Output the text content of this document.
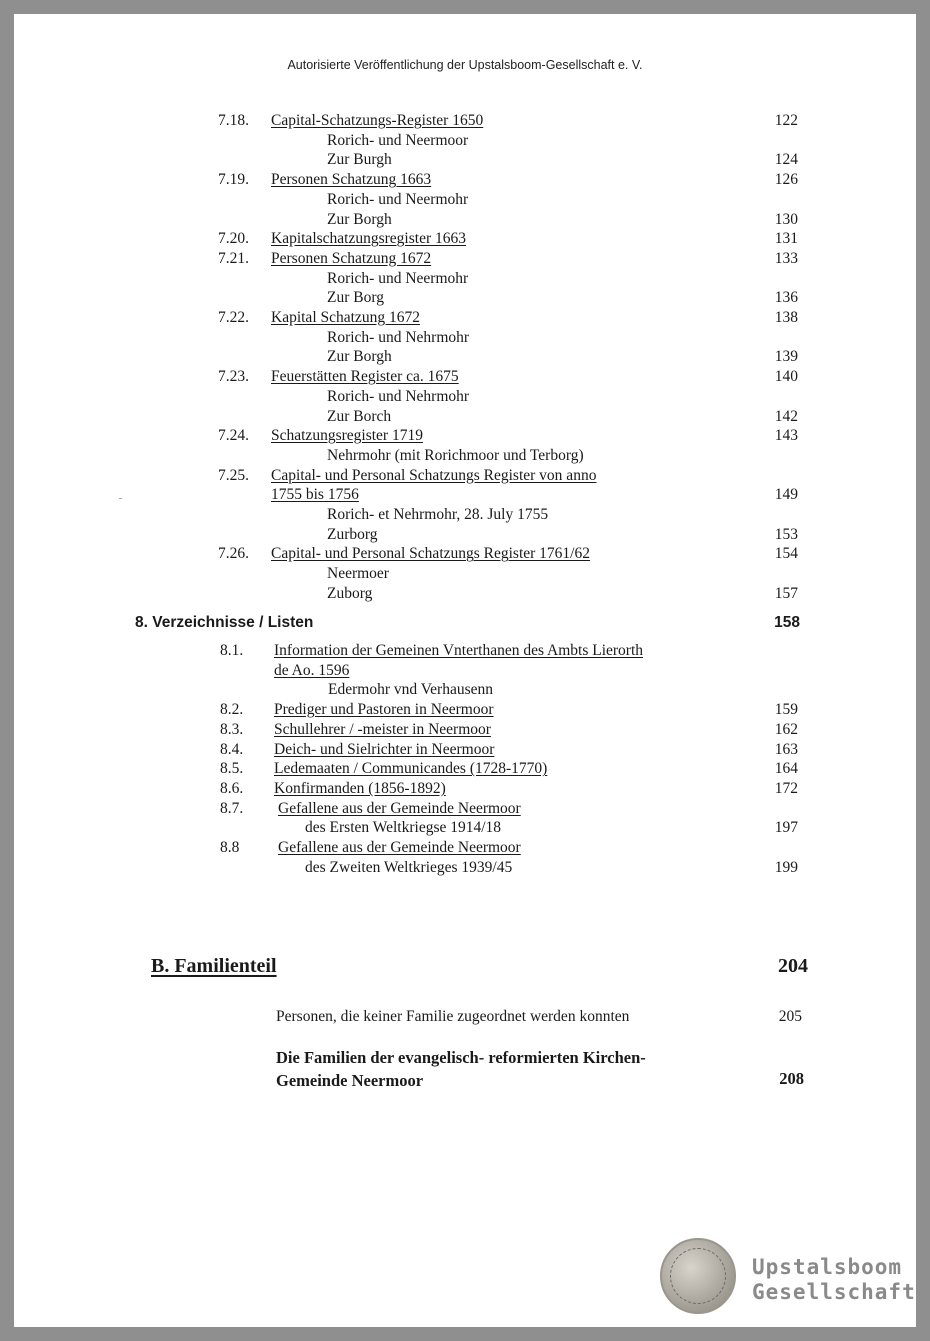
Autorisierte Veröffentlichung der Upstalsboom-Gesellschaft e. V.
7.18. Capital-Schatzungs-Register 1650	122
Rorich- und Neermoor
Zur Burgh	124
7.19. Personen Schatzung 1663	126
Rorich- und Neermohr
Zur Borgh	130
7.20. Kapitalschatzungsregister 1663	131
7.21. Personen Schatzung 1672	133
Rorich- und Neermohr
Zur Borg	136
7.22. Kapital Schatzung 1672	138
Rorich- und Nehrmohr
Zur Borgh	139
7.23. Feuerstätten Register ca. 1675	140
Rorich- und Nehrmohr
Zur Borch	142
7.24. Schatzungsregister 1719	143
Nehrmohr (mit Rorichmoor und Terborg)
7.25. Capital- und Personal Schatzungs Register von anno
1755 bis 1756	149
Rorich- et Nehrmohr, 28. July 1755
Zurborg	153
7.26. Capital- und Personal Schatzungs Register 1761/62	154
Neermoer
Zuborg	157
8.1. Information der Gemeinen Vnterthanen des Ambts Lierorth
de Ao. 1596
Edermohr vnd Verhausenn
8.2. Prediger und Pastoren in Neermoor	159
8.3. Schullehrer / -meister in Neermoor	162
8.4. Deich- und Sielrichter in Neermoor	163
8.5. Ledemaaten / Communicandes (1728-1770)	164
8.6. Konfirmanden (1856-1892)	172
8.7. Gefallene aus der Gemeinde Neermoor
des Ersten Weltkriegse 1914/18	197
8.8 Gefallene aus der Gemeinde Neermoor
des Zweiten Weltkrieges 1939/45	199
8. Verzeichnisse / Listen	158
B. Familienteil	204
Personen, die keiner Familie zugeordnet werden konnten	205
Die Familien der evangelisch- reformierten Kirchen-
Gemeinde Neermoor	208
Upstalsboom
Gesellschaft
